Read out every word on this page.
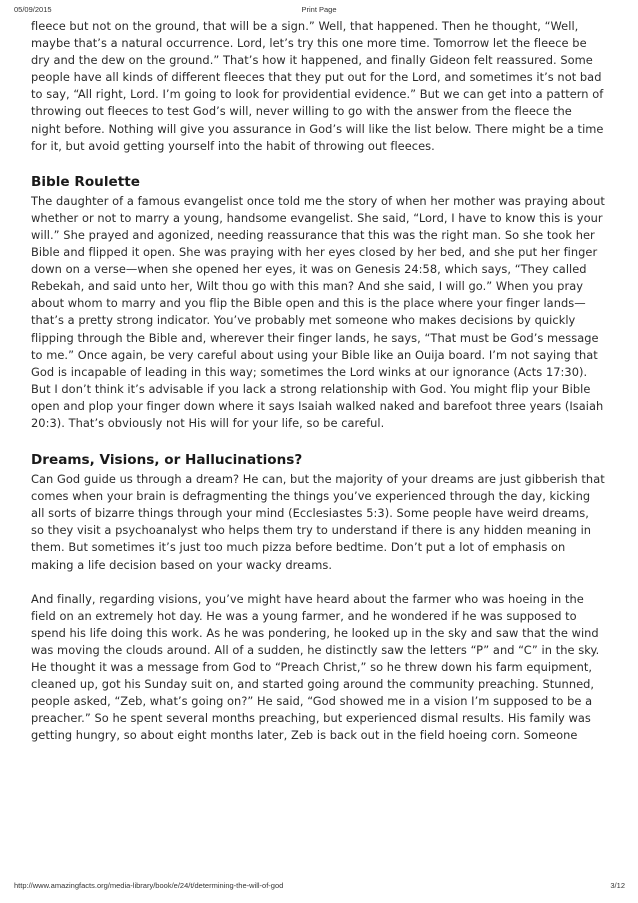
05/09/2015	Print Page

fleece but not on the ground, that will be a sign.” Well, that happened. Then he thought, “Well, maybe that’s a natural occurrence. Lord, let’s try this one more time. Tomorrow let the fleece be dry and the dew on the ground.” That’s how it happened, and finally Gideon felt reassured. Some people have all kinds of different fleeces that they put out for the Lord, and sometimes it’s not bad to say, “All right, Lord. I’m going to look for providential evidence.” But we can get into a pattern of throwing out fleeces to test God’s will, never willing to go with the answer from the fleece the night before. Nothing will give you assurance in God’s will like the list below. There might be a time for it, but avoid getting yourself into the habit of throwing out fleeces.

Bible Roulette

The daughter of a famous evangelist once told me the story of when her mother was praying about whether or not to marry a young, handsome evangelist. She said, “Lord, I have to know this is your will.” She prayed and agonized, needing reassurance that this was the right man. So she took her Bible and flipped it open. She was praying with her eyes closed by her bed, and she put her finger down on a verse—when she opened her eyes, it was on Genesis 24:58, which says, “They called Rebekah, and said unto her, Wilt thou go with this man? And she said, I will go.” When you pray about whom to marry and you flip the Bible open and this is the place where your finger lands—that’s a pretty strong indicator. You’ve probably met someone who makes decisions by quickly flipping through the Bible and, wherever their finger lands, he says, “That must be God’s message to me.” Once again, be very careful about using your Bible like an Ouija board. I’m not saying that God is incapable of leading in this way; sometimes the Lord winks at our ignorance (Acts 17:30). But I don’t think it’s advisable if you lack a strong relationship with God. You might flip your Bible open and plop your finger down where it says Isaiah walked naked and barefoot three years (Isaiah 20:3). That’s obviously not His will for your life, so be careful.

Dreams, Visions, or Hallucinations?

Can God guide us through a dream? He can, but the majority of your dreams are just gibberish that comes when your brain is defragmenting the things you’ve experienced through the day, kicking all sorts of bizarre things through your mind (Ecclesiastes 5:3). Some people have weird dreams, so they visit a psychoanalyst who helps them try to understand if there is any hidden meaning in them. But sometimes it’s just too much pizza before bedtime. Don’t put a lot of emphasis on making a life decision based on your wacky dreams.

And finally, regarding visions, you’ve might have heard about the farmer who was hoeing in the field on an extremely hot day. He was a young farmer, and he wondered if he was supposed to spend his life doing this work. As he was pondering, he looked up in the sky and saw that the wind was moving the clouds around. All of a sudden, he distinctly saw the letters “P” and “C” in the sky. He thought it was a message from God to “Preach Christ,” so he threw down his farm equipment, cleaned up, got his Sunday suit on, and started going around the community preaching. Stunned, people asked, “Zeb, what’s going on?” He said, “God showed me in a vision I’m supposed to be a preacher.” So he spent several months preaching, but experienced dismal results. His family was getting hungry, so about eight months later, Zeb is back out in the field hoeing corn. Someone

http://www.amazingfacts.org/media-library/book/e/24/t/determining-the-will-of-god	3/12
